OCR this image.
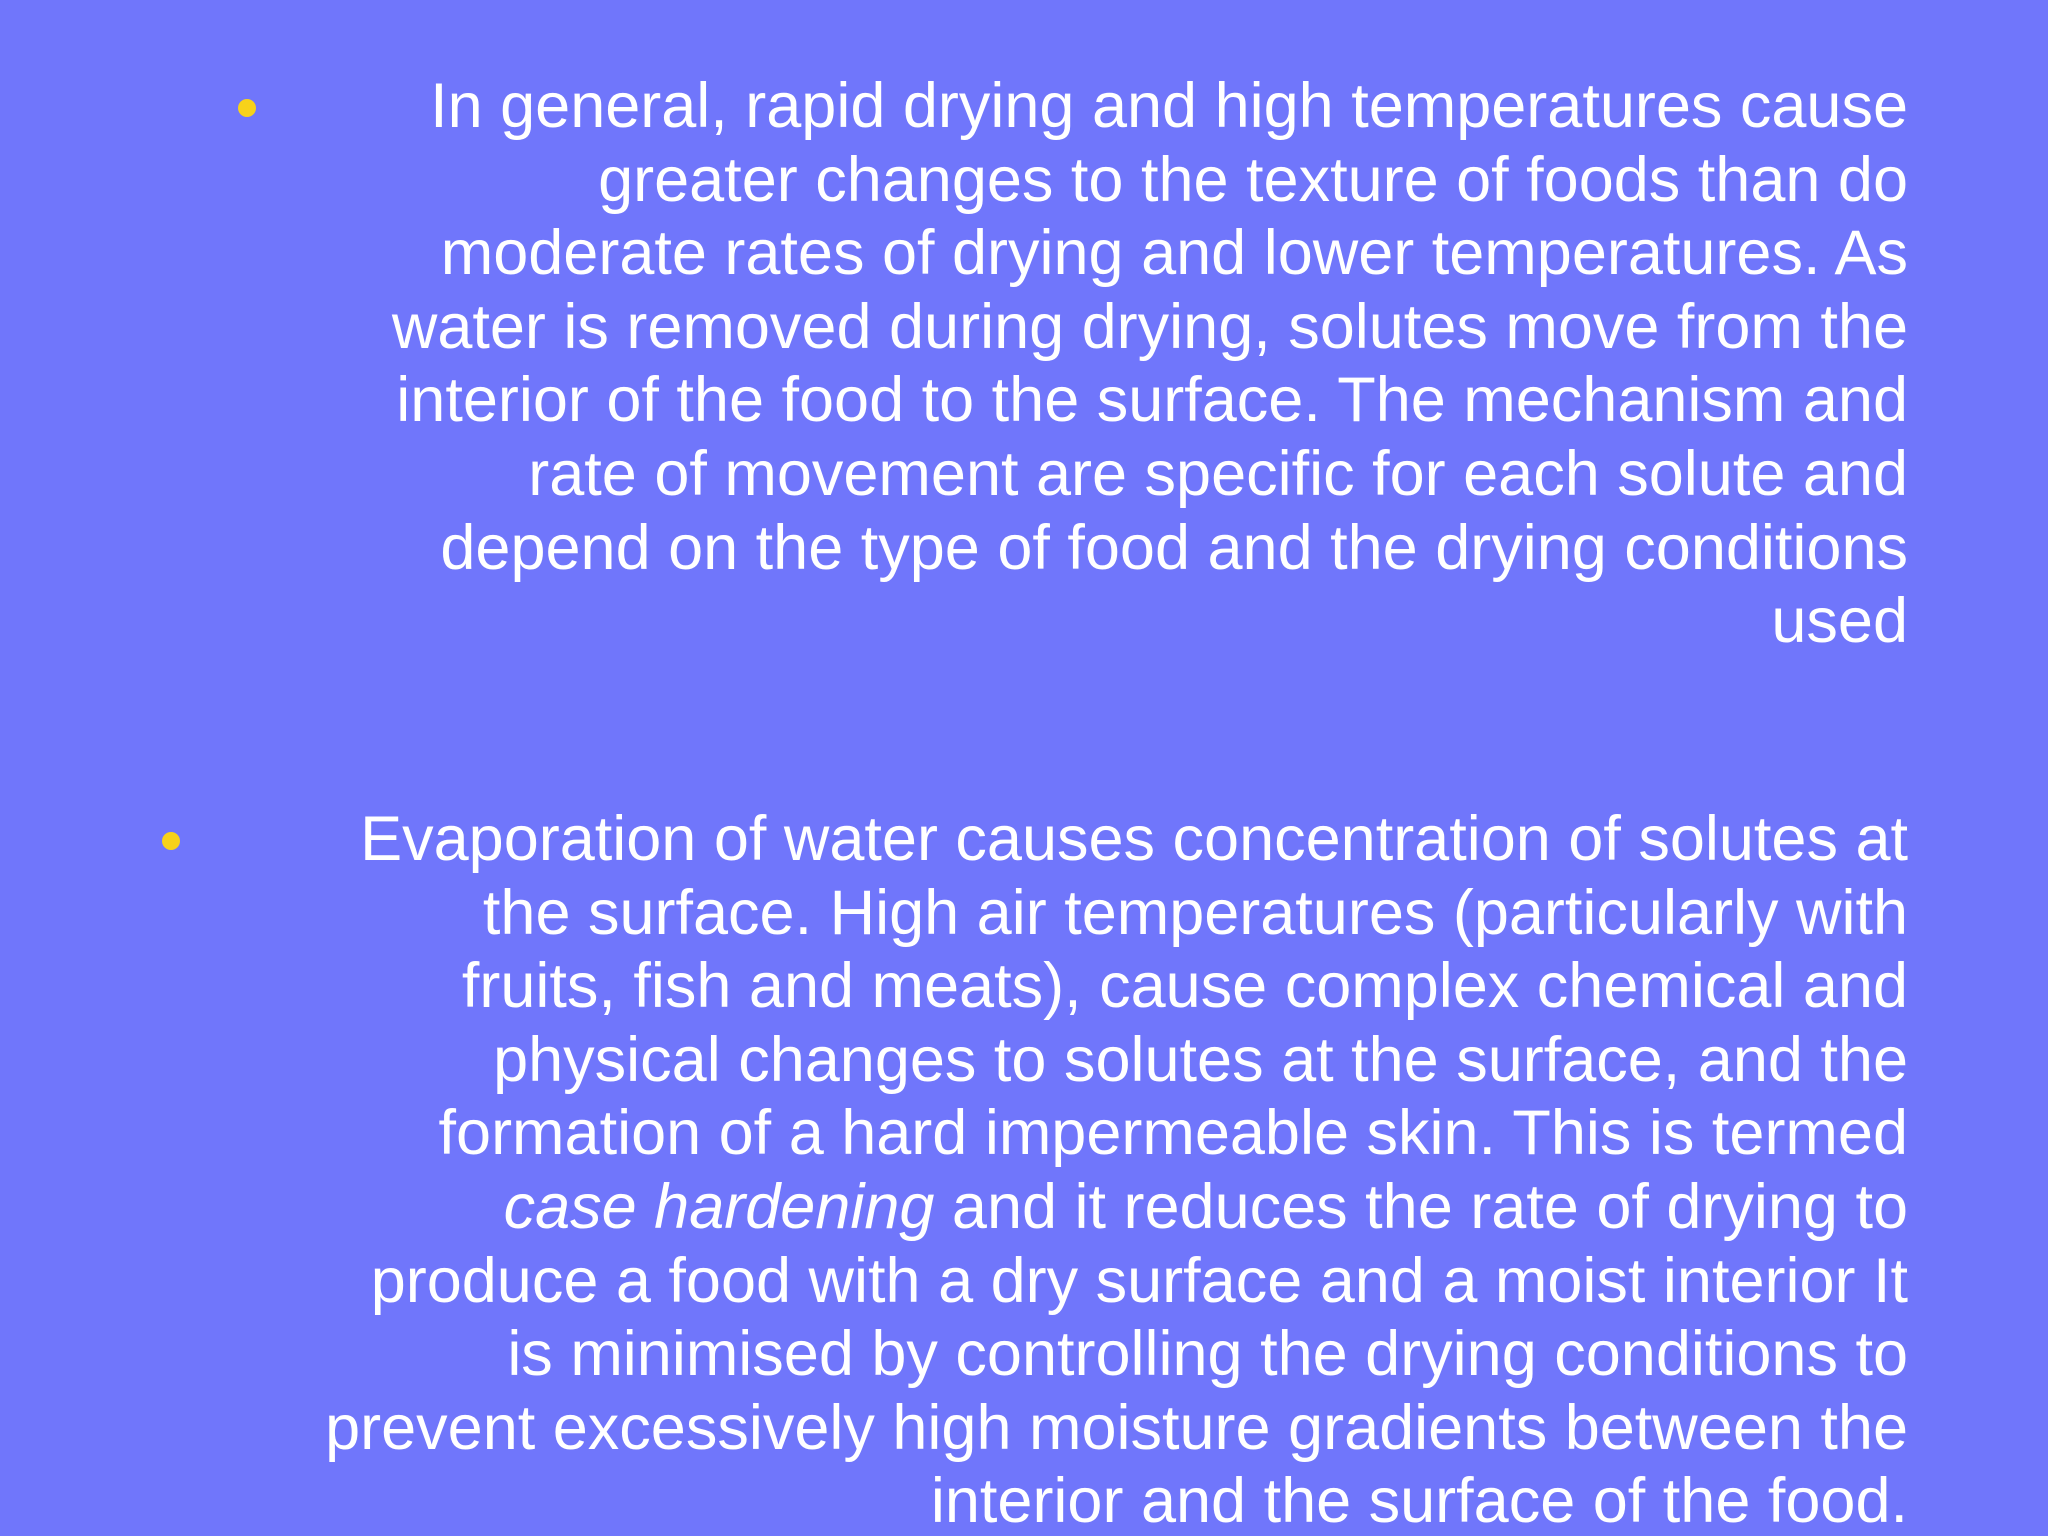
In general, rapid drying and high temperatures cause
greater changes to the texture of foods than do
moderate rates of drying and lower temperatures. As
water is removed during drying, solutes move from the
interior of the food to the surface. The mechanism and
rate of movement are specific for each solute and
depend on the type of food and the drying conditions
used
Evaporation of water causes concentration of solutes at
the surface. High air temperatures (particularly with
fruits, fish and meats), cause complex chemical and
physical changes to solutes at the surface, and the
formation of a hard impermeable skin. This is termed
case hardening and it reduces the rate of drying to
produce a food with a dry surface and a moist interior It
is minimised by controlling the drying conditions to
prevent excessively high moisture gradients between the
interior and the surface of the food.
